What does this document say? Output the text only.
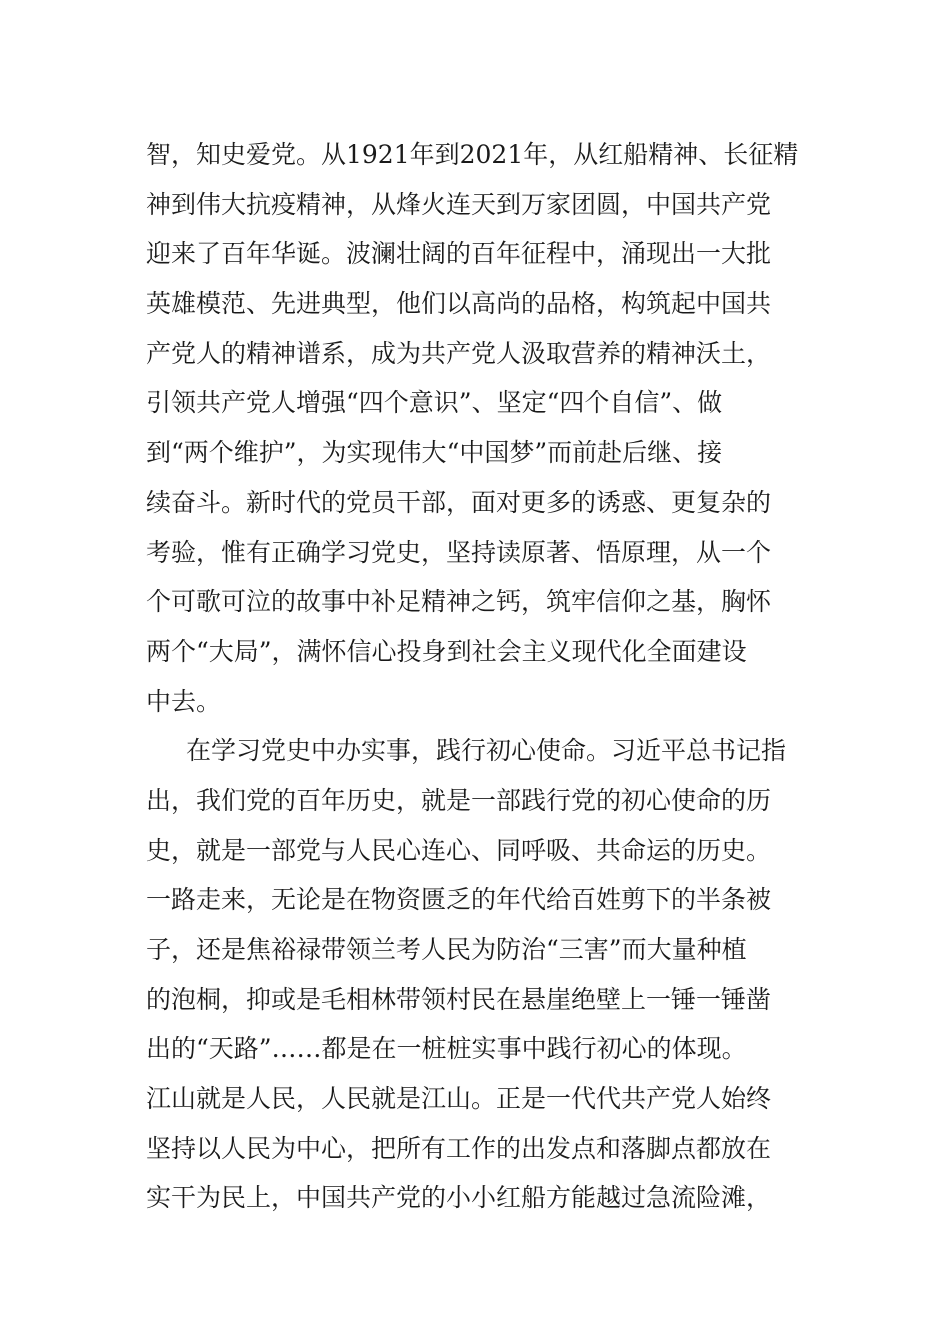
智，知史爱党。从1921年到2021年，从红船精神、长征精
神到伟大抗疫精神，从烽火连天到万家团圆，中国共产党
迎来了百年华诞。波澜壮阔的百年征程中，涌现出一大批
英雄模范、先进典型，他们以高尚的品格，构筑起中国共
产党人的精神谱系，成为共产党人汲取营养的精神沃土，
引领共产党人增强“四个意识”、坚定“四个自信”、做
到“两个维护”，为实现伟大“中国梦”而前赴后继、接
续奋斗。新时代的党员干部，面对更多的诱惑、更复杂的
考验，惟有正确学习党史，坚持读原著、悟原理，从一个
个可歌可泣的故事中补足精神之钙，筑牢信仰之基，胸怀
两个“大局”，满怀信心投身到社会主义现代化全面建设
中去。
在学习党史中办实事，践行初心使命。习近平总书记指
出，我们党的百年历史，就是一部践行党的初心使命的历
史，就是一部党与人民心连心、同呼吸、共命运的历史。
一路走来，无论是在物资匮乏的年代给百姓剪下的半条被
子，还是焦裕禄带领兰考人民为防治“三害”而大量种植
的泡桐，抑或是毛相林带领村民在悬崖绝壁上一锤一锤凿
出的“天路”……都是在一桩桩实事中践行初心的体现。
江山就是人民，人民就是江山。正是一代代共产党人始终
坚持以人民为中心，把所有工作的出发点和落脚点都放在
实干为民上，中国共产党的小小红船方能越过急流险滩，
